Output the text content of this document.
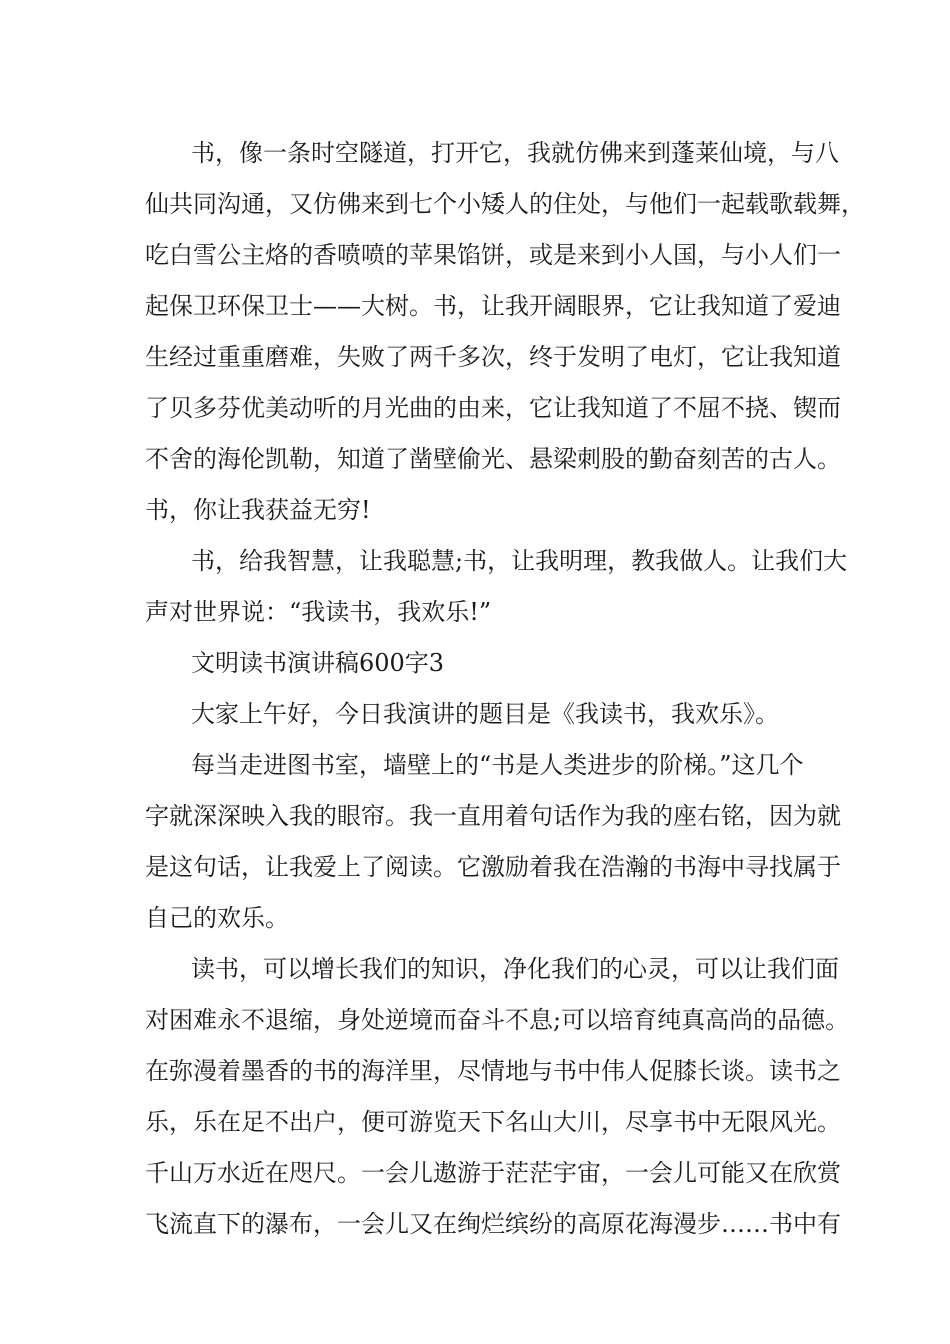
书，像一条时空隧道，打开它，我就仿佛来到蓬莱仙境，与八
仙共同沟通，又仿佛来到七个小矮人的住处，与他们一起载歌载舞，
吃白雪公主烙的香喷喷的苹果馅饼，或是来到小人国，与小人们一
起保卫环保卫士——大树。书，让我开阔眼界，它让我知道了爱迪
生经过重重磨难，失败了两千多次，终于发明了电灯，它让我知道
了贝多芬优美动听的月光曲的由来，它让我知道了不屈不挠、锲而
不舍的海伦凯勒，知道了凿壁偷光、悬梁刺股的勤奋刻苦的古人。
书，你让我获益无穷!
书，给我智慧，让我聪慧;书，让我明理，教我做人。让我们大
声对世界说：“我读书，我欢乐!”
文明读书演讲稿600字3
大家上午好，今日我演讲的题目是《我读书，我欢乐》。
每当走进图书室，墙壁上的“书是人类进步的阶梯。”这几个
字就深深映入我的眼帘。我一直用着句话作为我的座右铭，因为就
是这句话，让我爱上了阅读。它激励着我在浩瀚的书海中寻找属于
自己的欢乐。
读书，可以增长我们的知识，净化我们的心灵，可以让我们面
对困难永不退缩，身处逆境而奋斗不息;可以培育纯真高尚的品德。
在弥漫着墨香的书的海洋里，尽情地与书中伟人促膝长谈。读书之
乐，乐在足不出户，便可游览天下名山大川，尽享书中无限风光。
千山万水近在咫尺。一会儿遨游于茫茫宇宙，一会儿可能又在欣赏
飞流直下的瀑布，一会儿又在绚烂缤纷的高原花海漫步……书中有
